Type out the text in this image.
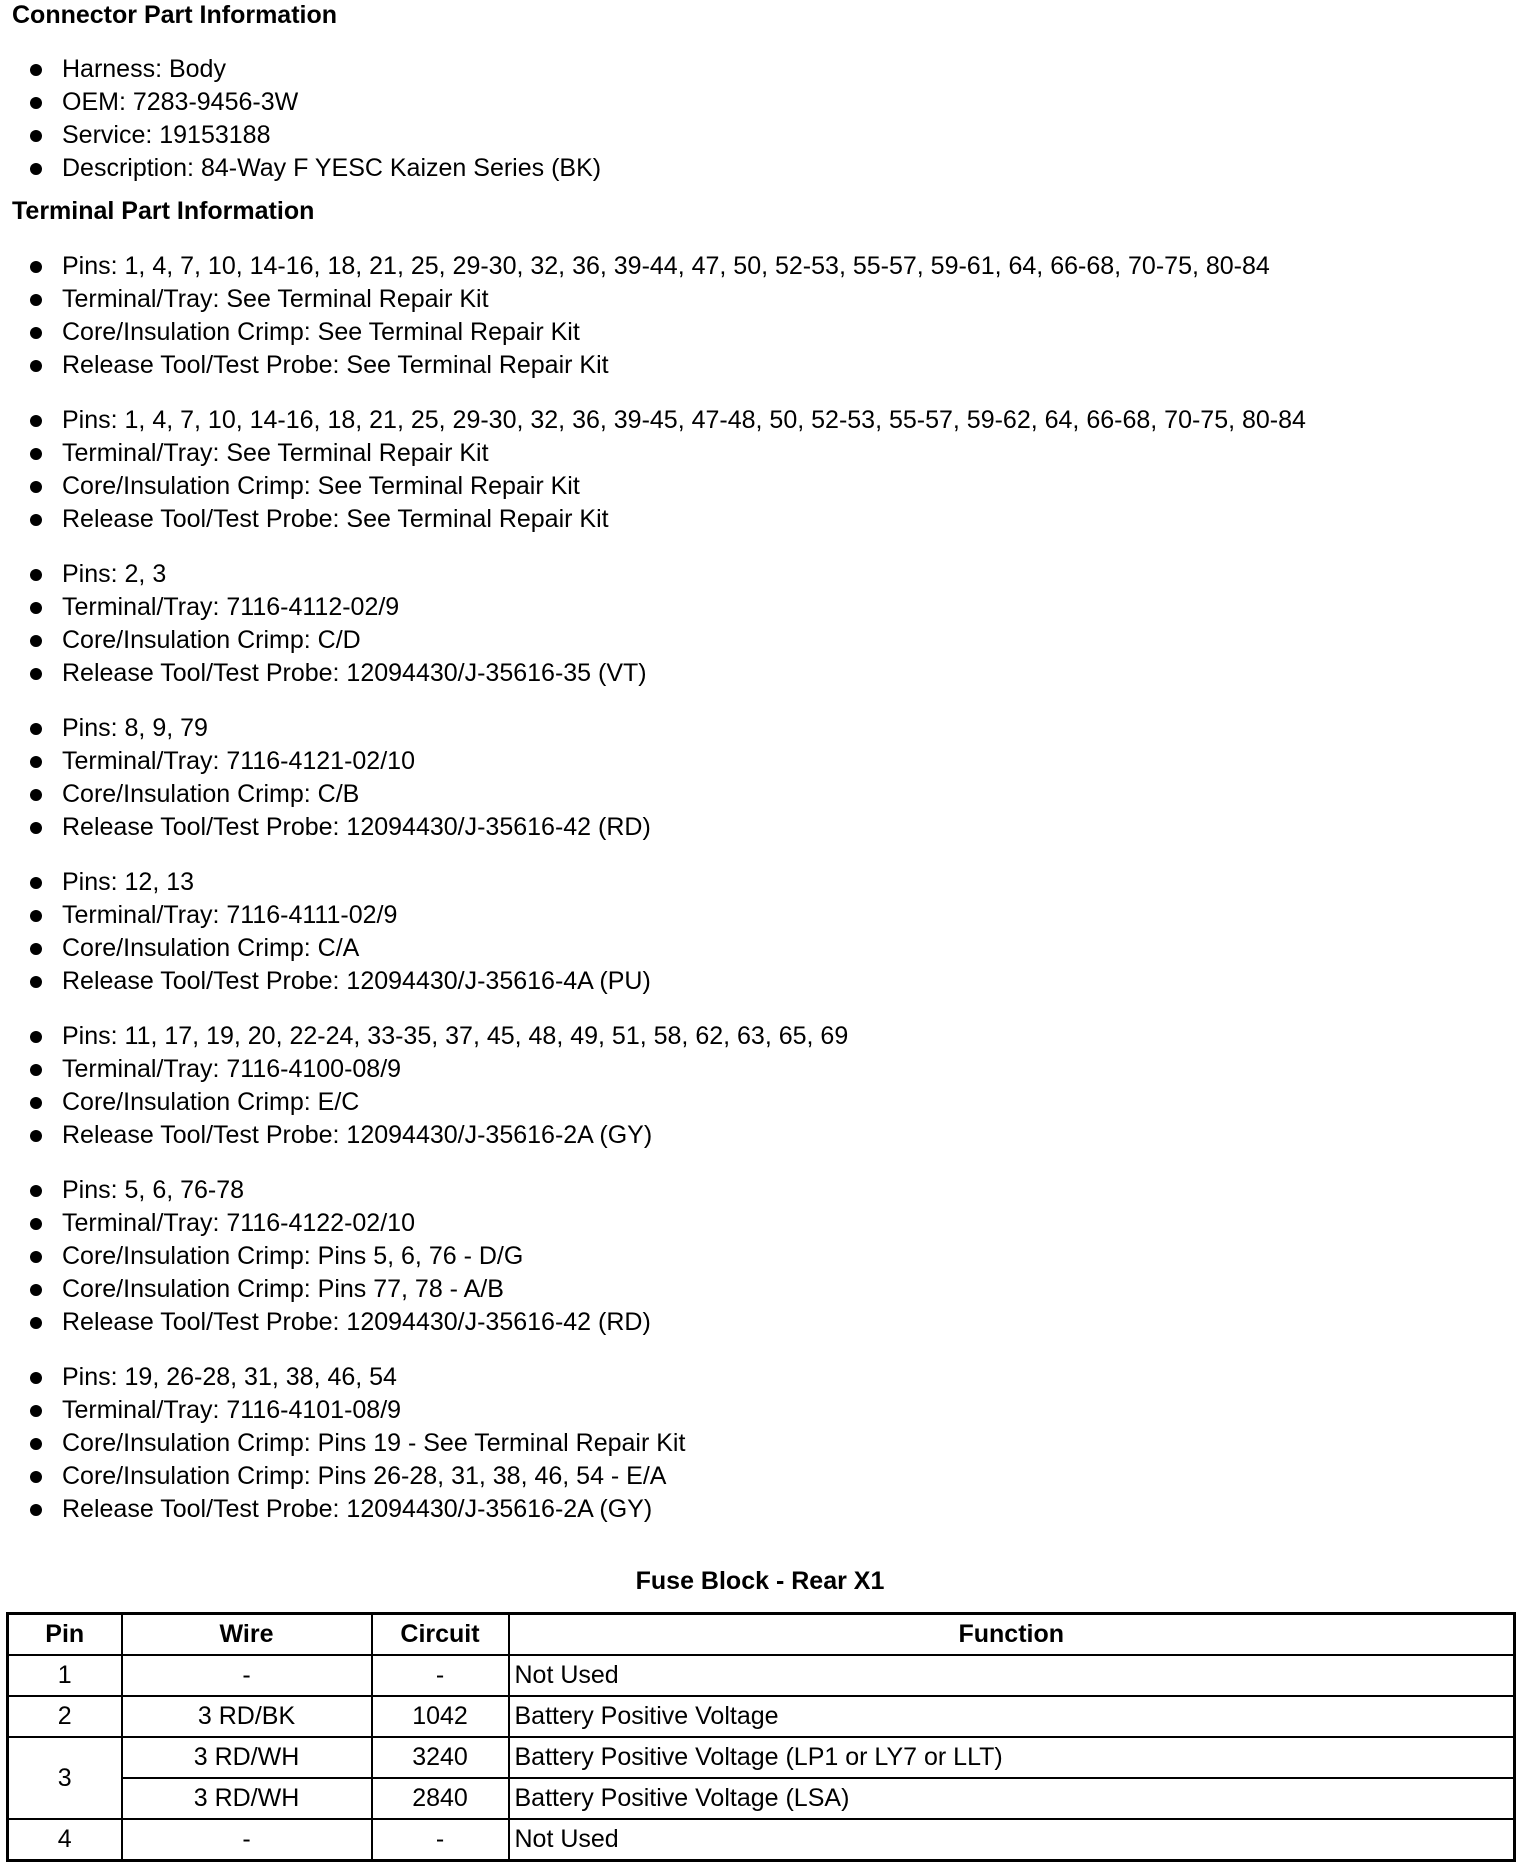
Connector Part Information
Harness: Body
OEM: 7283-9456-3W
Service: 19153188
Description: 84-Way F YESC Kaizen Series (BK)
Terminal Part Information
Pins: 1, 4, 7, 10, 14-16, 18, 21, 25, 29-30, 32, 36, 39-44, 47, 50, 52-53, 55-57, 59-61, 64, 66-68, 70-75, 80-84
Terminal/Tray: See Terminal Repair Kit
Core/Insulation Crimp: See Terminal Repair Kit
Release Tool/Test Probe: See Terminal Repair Kit
Pins: 1, 4, 7, 10, 14-16, 18, 21, 25, 29-30, 32, 36, 39-45, 47-48, 50, 52-53, 55-57, 59-62, 64, 66-68, 70-75, 80-84
Terminal/Tray: See Terminal Repair Kit
Core/Insulation Crimp: See Terminal Repair Kit
Release Tool/Test Probe: See Terminal Repair Kit
Pins: 2, 3
Terminal/Tray: 7116-4112-02/9
Core/Insulation Crimp: C/D
Release Tool/Test Probe: 12094430/J-35616-35 (VT)
Pins: 8, 9, 79
Terminal/Tray: 7116-4121-02/10
Core/Insulation Crimp: C/B
Release Tool/Test Probe: 12094430/J-35616-42 (RD)
Pins: 12, 13
Terminal/Tray: 7116-4111-02/9
Core/Insulation Crimp: C/A
Release Tool/Test Probe: 12094430/J-35616-4A (PU)
Pins: 11, 17, 19, 20, 22-24, 33-35, 37, 45, 48, 49, 51, 58, 62, 63, 65, 69
Terminal/Tray: 7116-4100-08/9
Core/Insulation Crimp: E/C
Release Tool/Test Probe: 12094430/J-35616-2A (GY)
Pins: 5, 6, 76-78
Terminal/Tray: 7116-4122-02/10
Core/Insulation Crimp: Pins 5, 6, 76 - D/G
Core/Insulation Crimp: Pins 77, 78 - A/B
Release Tool/Test Probe: 12094430/J-35616-42 (RD)
Pins: 19, 26-28, 31, 38, 46, 54
Terminal/Tray: 7116-4101-08/9
Core/Insulation Crimp: Pins 19 - See Terminal Repair Kit
Core/Insulation Crimp: Pins 26-28, 31, 38, 46, 54 - E/A
Release Tool/Test Probe: 12094430/J-35616-2A (GY)
Fuse Block - Rear X1
Pin	Wire	Circuit	Function
1	-	-	Not Used
2	3 RD/BK	1042	Battery Positive Voltage
3	3 RD/WH	3240	Battery Positive Voltage (LP1 or LY7 or LLT)
	3 RD/WH	2840	Battery Positive Voltage (LSA)
4	-	-	Not Used
